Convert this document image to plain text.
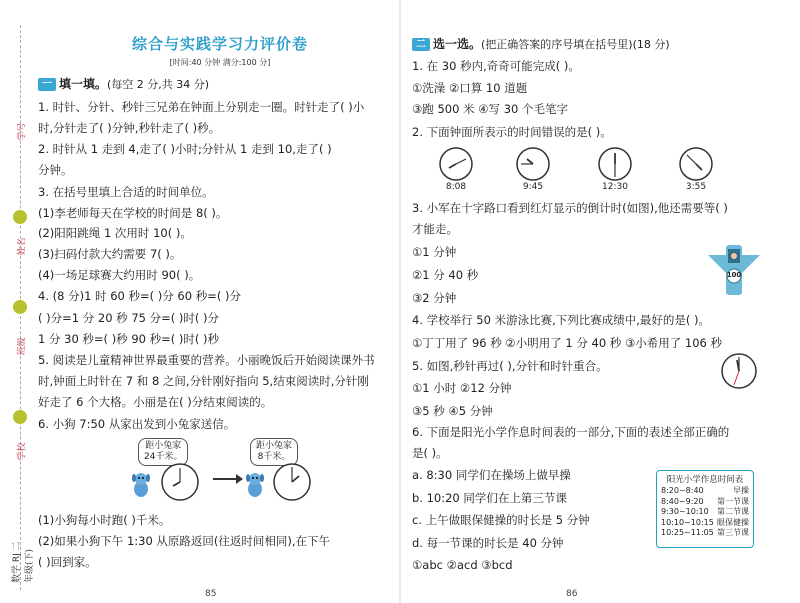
学号
姓名
班级
学校
数学 RJ 二年级(下)
综合与实践学习力评价卷
[时间:40 分钟 满分:100 分]
一 填一填。(每空 2 分,共 34 分)
1. 时针、分针、秒针三兄弟在钟面上分别走一圈。时针走了( )小
时,分针走了( )分钟,秒针走了( )秒。
2. 时针从 1 走到 4,走了( )小时;分针从 1 走到 10,走了( )
分钟。
3. 在括号里填上合适的时间单位。
(1)李老师每天在学校的时间是 8( )。
(2)阳阳跳绳 1 次用时 10( )。
(3)扫码付款大约需要 7( )。
(4)一场足球赛大约用时 90( )。
4. (8 分)1 时 60 秒=( )分 60 秒=( )分
( )分=1 分 20 秒 75 分=( )时( )分
1 分 30 秒=( )秒 90 秒=( )时( )秒
5. 阅读是儿童精神世界最重要的营养。小丽晚饭后开始阅读课外书
时,钟面上时针在 7 和 8 之间,分针刚好指向 5,结束阅读时,分针刚
好走了 6 个大格。小丽是在( )分结束阅读的。
6. 小狗 7:50 从家出发到小兔家送信。
距小兔家
24千米。
距小兔家
8千米。
(1)小狗每小时跑( )千米。
(2)如果小狗下午 1:30 从原路返回(往返时间相同),在下午
( )回到家。
85
二 选一选。(把正确答案的序号填在括号里)(18 分)
1. 在 30 秒内,奇奇可能完成( )。
①洗澡 ②口算 10 道题
③跑 500 米 ④写 30 个毛笔字
2. 下面钟面所表示的时间错误的是( )。
8:08	9:45	12:30	3:55
3. 小军在十字路口看到红灯显示的倒计时(如图),他还需要等( )
才能走。
①1 分钟
②1 分 40 秒
③2 分钟
100
4. 学校举行 50 米游泳比赛,下列比赛成绩中,最好的是( )。
①丁丁用了 96 秒 ②小明用了 1 分 40 秒 ③小希用了 106 秒
5. 如图,秒针再过( ),分针和时针重合。
①1 小时 ②12 分钟
③5 秒 ④5 分钟
6. 下面是阳光小学作息时间表的一部分,下面的表述全部正确的
是( )。
a. 8:30 同学们在操场上做早操
b. 10:20 同学们在上第三节课
c. 上午做眼保健操的时长是 5 分钟
d. 每一节课的时长是 40 分钟
①abc ②acd ③bcd
86
阳光小学作息时间表
8:20~8:40	早操
8:40~9:20 第一节课
9:30~10:10 第二节课
10:10~10:15 眼保健操
10:25~11:05 第三节课
